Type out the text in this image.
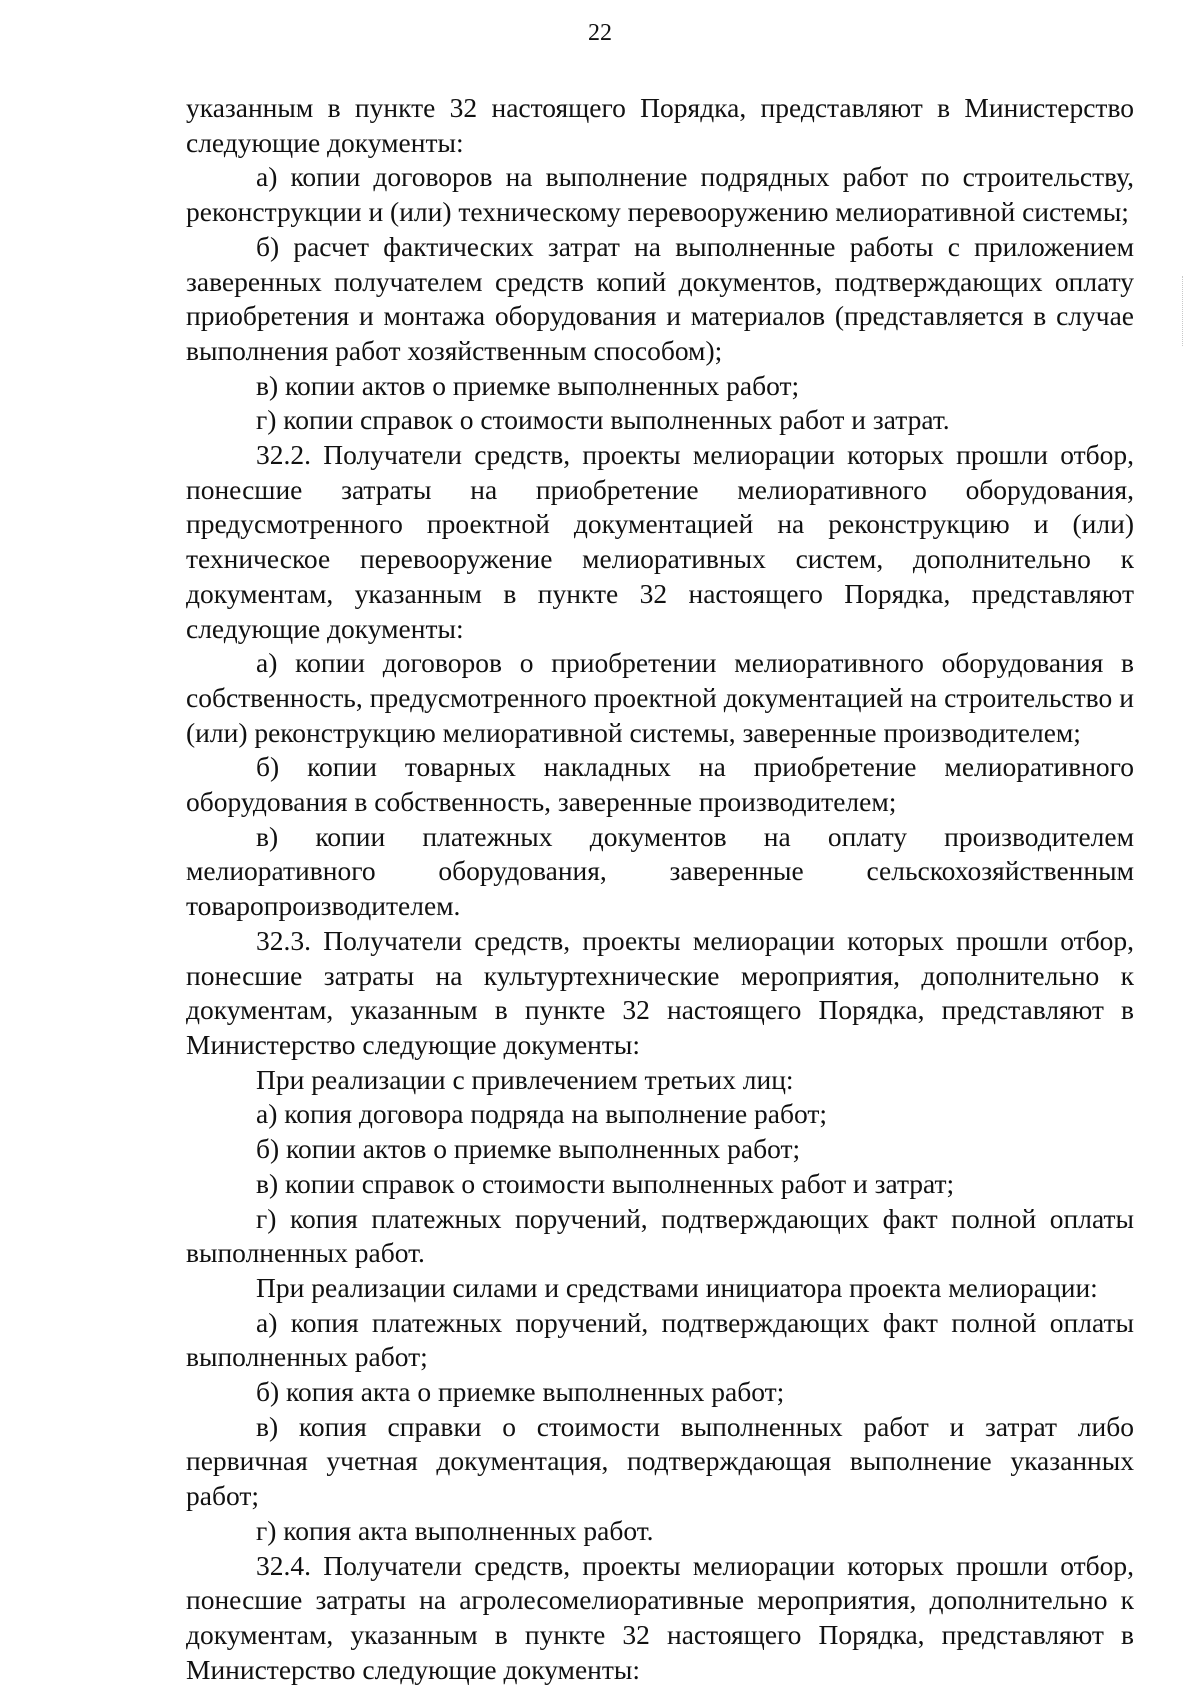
22

указанным в пункте 32 настоящего Порядка, представляют в Министерство следующие документы:

а) копии договоров на выполнение подрядных работ по строительству, реконструкции и (или) техническому перевооружению мелиоративной системы;

б) расчет фактических затрат на выполненные работы с приложением заверенных получателем средств копий документов, подтверждающих оплату приобретения и монтажа оборудования и материалов (представляется в случае выполнения работ хозяйственным способом);

в) копии актов о приемке выполненных работ;

г) копии справок о стоимости выполненных работ и затрат.

32.2. Получатели средств, проекты мелиорации которых прошли отбор, понесшие затраты на приобретение мелиоративного оборудования, предусмотренного проектной документацией на реконструкцию и (или) техническое перевооружение мелиоративных систем, дополнительно к документам, указанным в пункте 32 настоящего Порядка, представляют следующие документы:

а) копии договоров о приобретении мелиоративного оборудования в собственность, предусмотренного проектной документацией на строительство и (или) реконструкцию мелиоративной системы, заверенные производителем;

б) копии товарных накладных на приобретение мелиоративного оборудования в собственность, заверенные производителем;

в) копии платежных документов на оплату производителем мелиоративного оборудования, заверенные сельскохозяйственным товаропроизводителем.

32.3. Получатели средств, проекты мелиорации которых прошли отбор, понесшие затраты на культуртехнические мероприятия, дополнительно к документам, указанным в пункте 32 настоящего Порядка, представляют в Министерство следующие документы:

При реализации с привлечением третьих лиц:

а) копия договора подряда на выполнение работ;

б) копии актов о приемке выполненных работ;

в) копии справок о стоимости выполненных работ и затрат;

г) копия платежных поручений, подтверждающих факт полной оплаты выполненных работ.

При реализации силами и средствами инициатора проекта мелиорации:

а) копия платежных поручений, подтверждающих факт полной оплаты выполненных работ;

б) копия акта о приемке выполненных работ;

в) копия справки о стоимости выполненных работ и затрат либо первичная учетная документация, подтверждающая выполнение указанных работ;

г) копия акта выполненных работ.

32.4. Получатели средств, проекты мелиорации которых прошли отбор, понесшие затраты на агролесомелиоративные мероприятия, дополнительно к документам, указанным в пункте 32 настоящего Порядка, представляют в Министерство следующие документы:
